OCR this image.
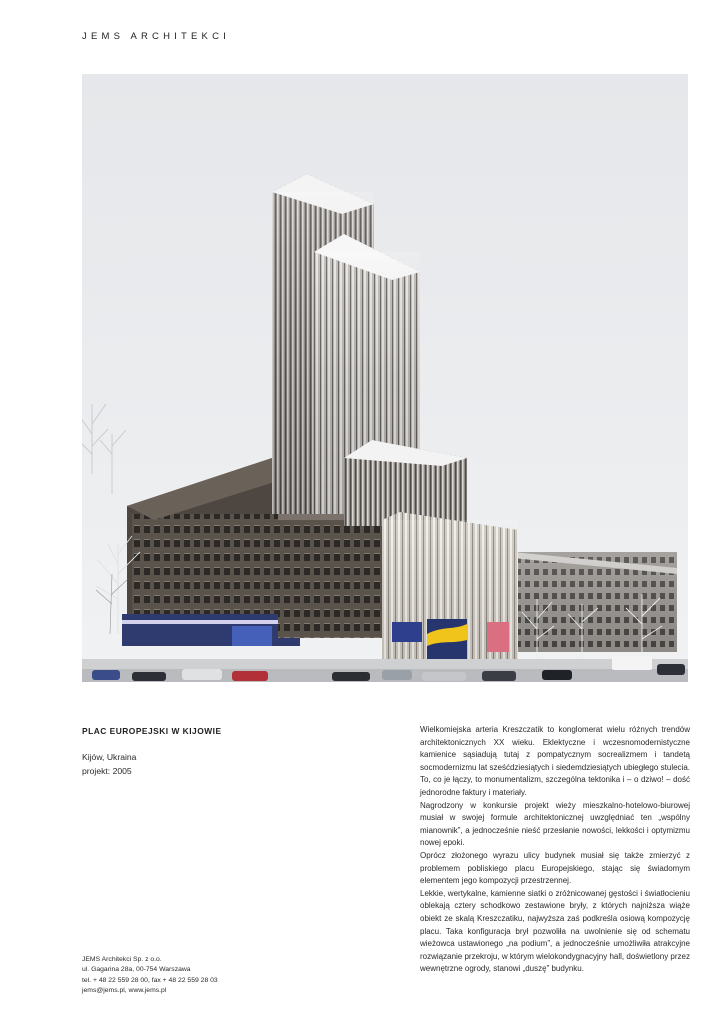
JEMS ARCHITEKCI
PLAC EUROPEJSKI W KIJOWIE
Kijów, Ukraina
projekt: 2005
JEMS Architekci Sp. z o.o.
ul. Gagarina 28a, 00-754 Warszawa
tel. + 48 22 559 28 00, fax + 48 22 559 28 03
jems@jems.pl, www.jems.pl

Wielkomiejska arteria Kreszczatik to konglomerat wielu różnych trendów architektonicznych XX wieku. Eklektyczne i wczesnomodernistyczne kamienice sąsiadują tutaj z pompatycznym socrealizmem i tandetą socmodernizmu lat sześćdziesiątych i siedemdziesiątych ubiegłego stulecia. To, co je łączy, to monumentalizm, szczególna tektonika i – o dziwo! – dość jednorodne faktury i materiały.

Nagrodzony w konkursie projekt wieży mieszkalno-hotelowo-biurowej musiał w swojej formule architektonicznej uwzględniać ten „wspólny mianownik”, a jednocześnie nieść przesłanie nowości, lekkości i optymizmu nowej epoki.

Oprócz złożonego wyrazu ulicy budynek musiał się także zmierzyć z problemem pobliskiego placu Europejskiego, stając się świadomym elementem jego kompozycji przestrzennej.

Lekkie, wertykalne, kamienne siatki o zróżnicowanej gęstości i światłocieniu oblekają cztery schodkowo zestawione bryły, z których najniższa wiąże obiekt ze skalą Kreszczatiku, najwyższa zaś podkreśla osiową kompozycję placu. Taka konfiguracja brył pozwoliła na uwolnienie się od schematu wieżowca ustawionego „na podium”, a jednocześnie umożliwiła atrakcyjne rozwiązanie przekroju, w którym wielokondygnacyjny hall, doświetlony przez wewnętrzne ogrody, stanowi „duszę” budynku.
